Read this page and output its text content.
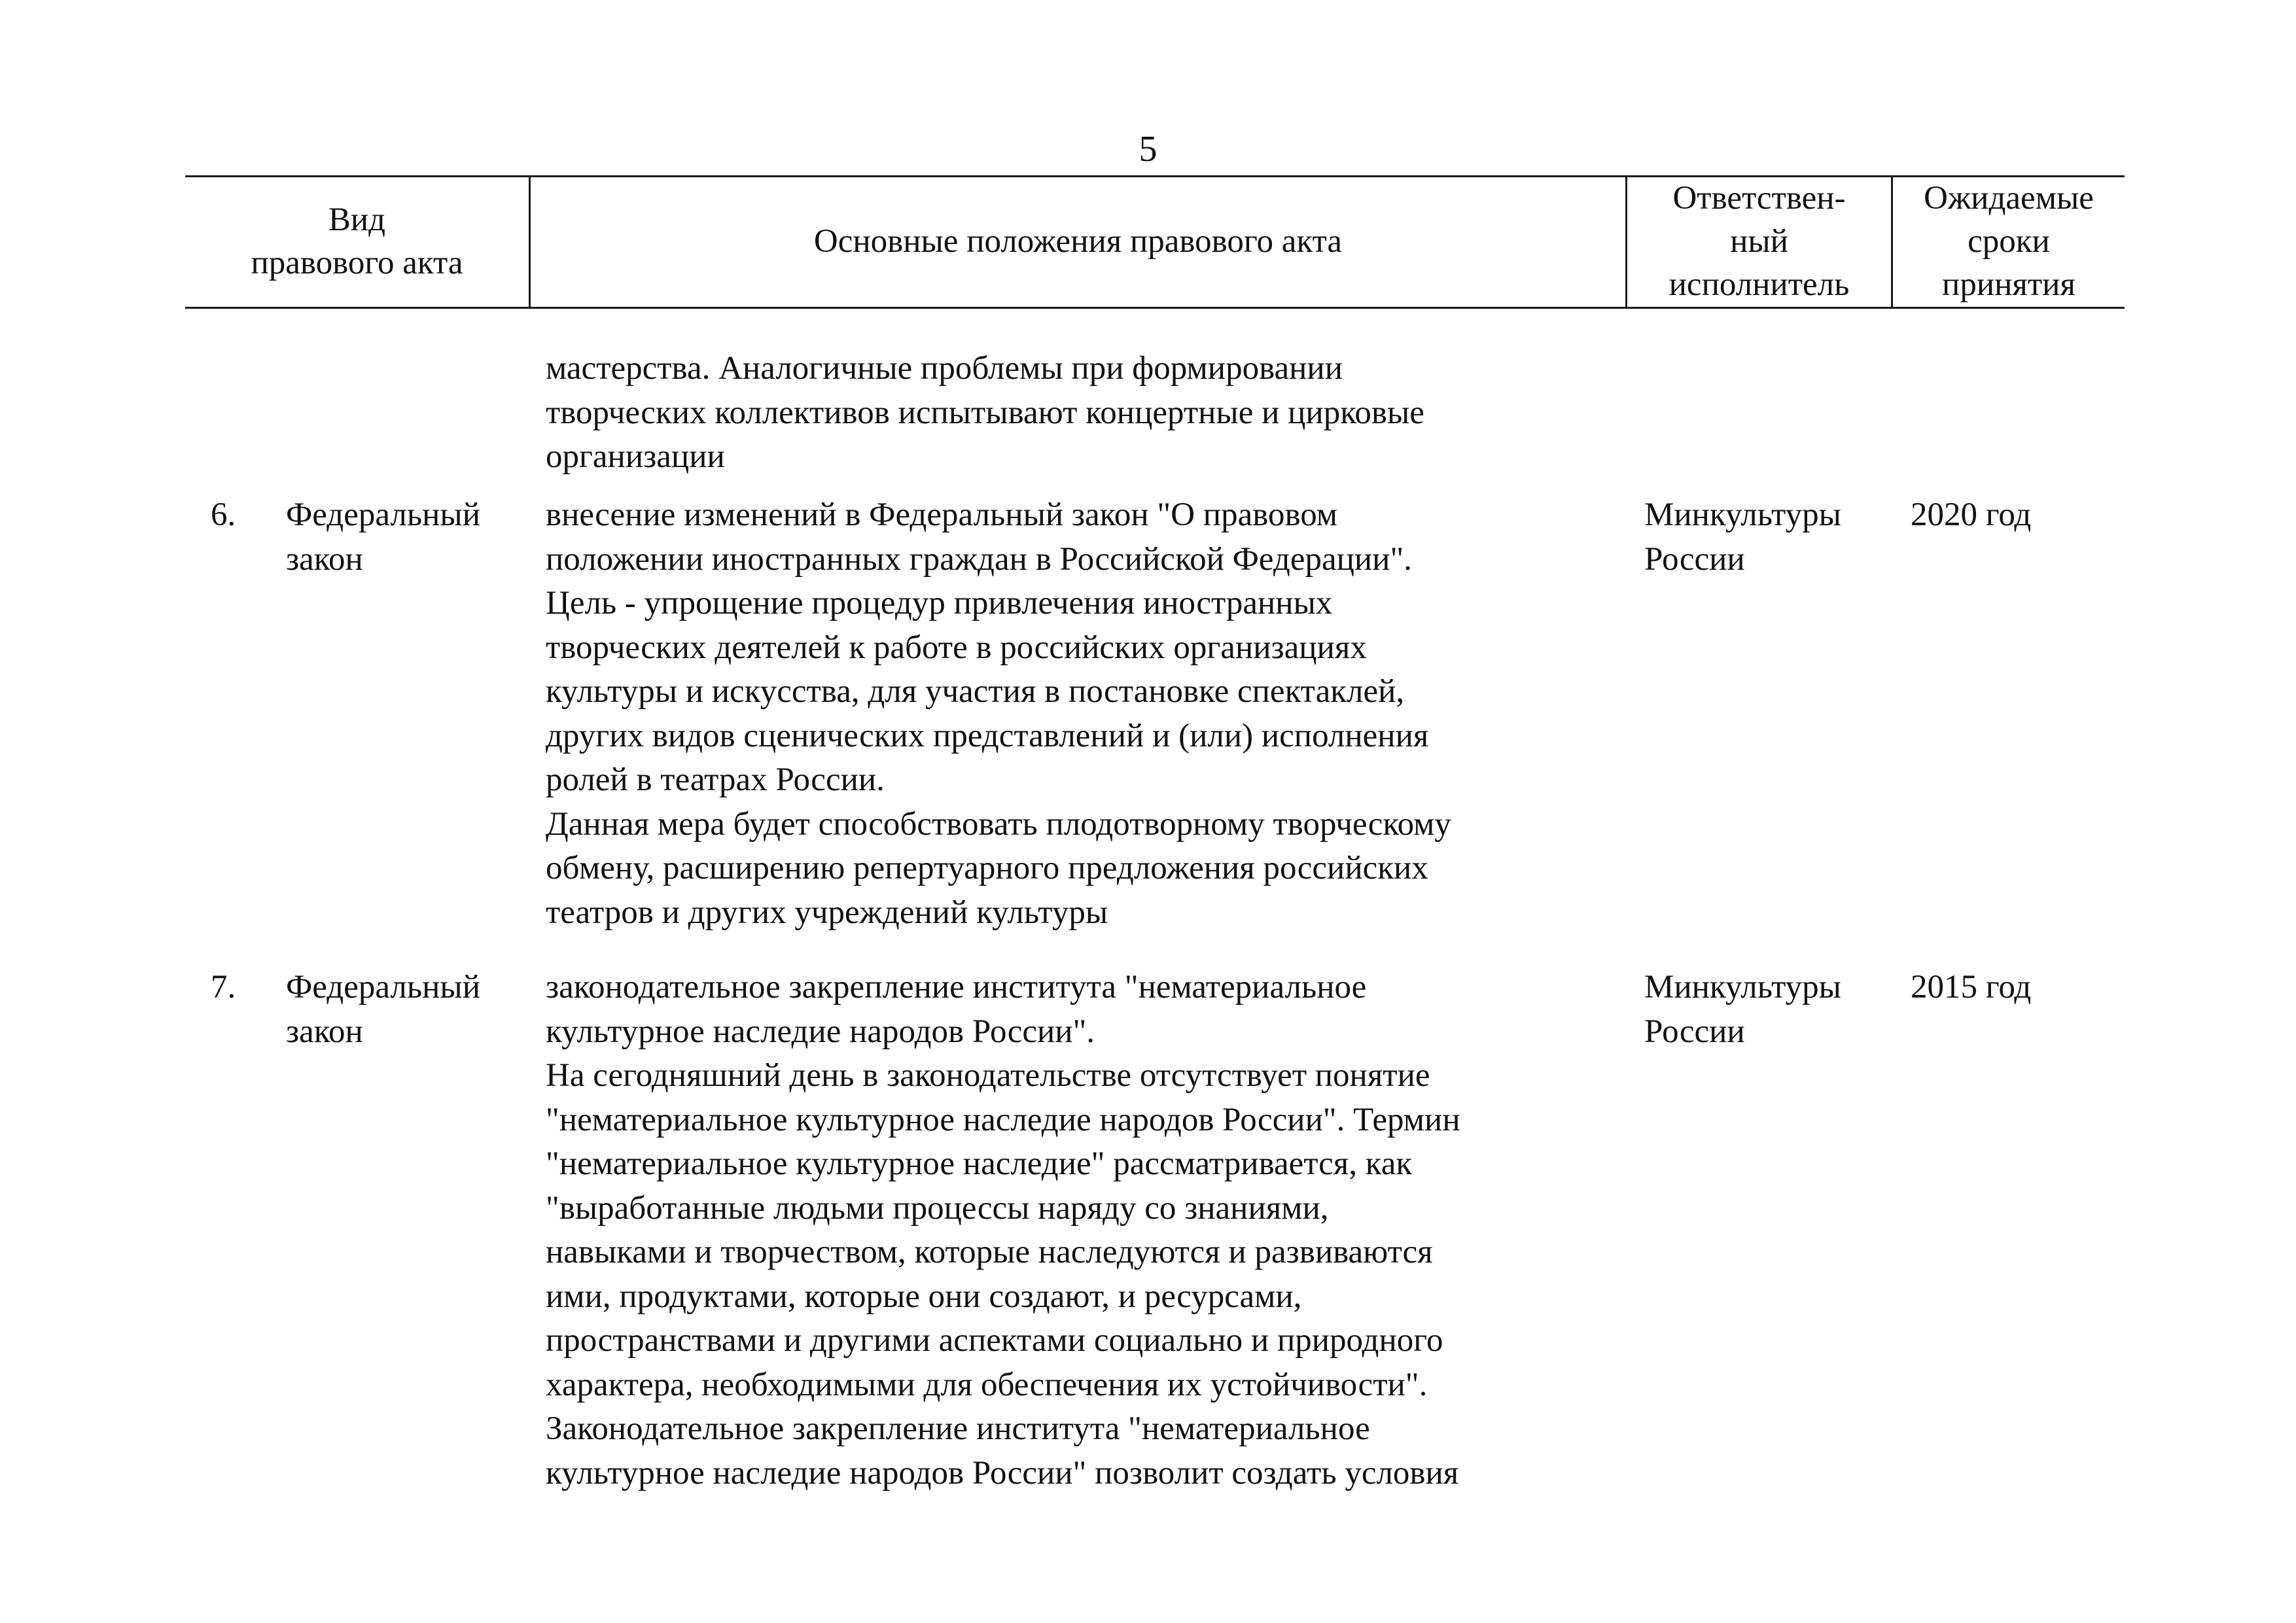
5
Вид
правового акта
Основные положения правового акта
Ответствен-
ный
исполнитель
Ожидаемые
сроки
принятия
мастерства. Аналогичные проблемы при формировании
творческих коллективов испытывают концертные и цирковые
организации
6. Федеральный
закон
внесение изменений в Федеральный закон "О правовом
положении иностранных граждан в Российской Федерации".
Цель - упрощение процедур привлечения иностранных
творческих деятелей к работе в российских организациях
культуры и искусства, для участия в постановке спектаклей,
других видов сценических представлений и (или) исполнения
ролей в театрах России.
Данная мера будет способствовать плодотворному творческому
обмену, расширению репертуарного предложения российских
театров и других учреждений культуры
Минкультуры
России
2020 год
7. Федеральный
закон
законодательное закрепление института "нематериальное
культурное наследие народов России".
На сегодняшний день в законодательстве отсутствует понятие
"нематериальное культурное наследие народов России". Термин
"нематериальное культурное наследие" рассматривается, как
"выработанные людьми процессы наряду со знаниями,
навыками и творчеством, которые наследуются и развиваются
ими, продуктами, которые они создают, и ресурсами,
пространствами и другими аспектами социально и природного
характера, необходимыми для обеспечения их устойчивости".
Законодательное закрепление института "нематериальное
культурное наследие народов России" позволит создать условия
Минкультуры
России
2015 год
